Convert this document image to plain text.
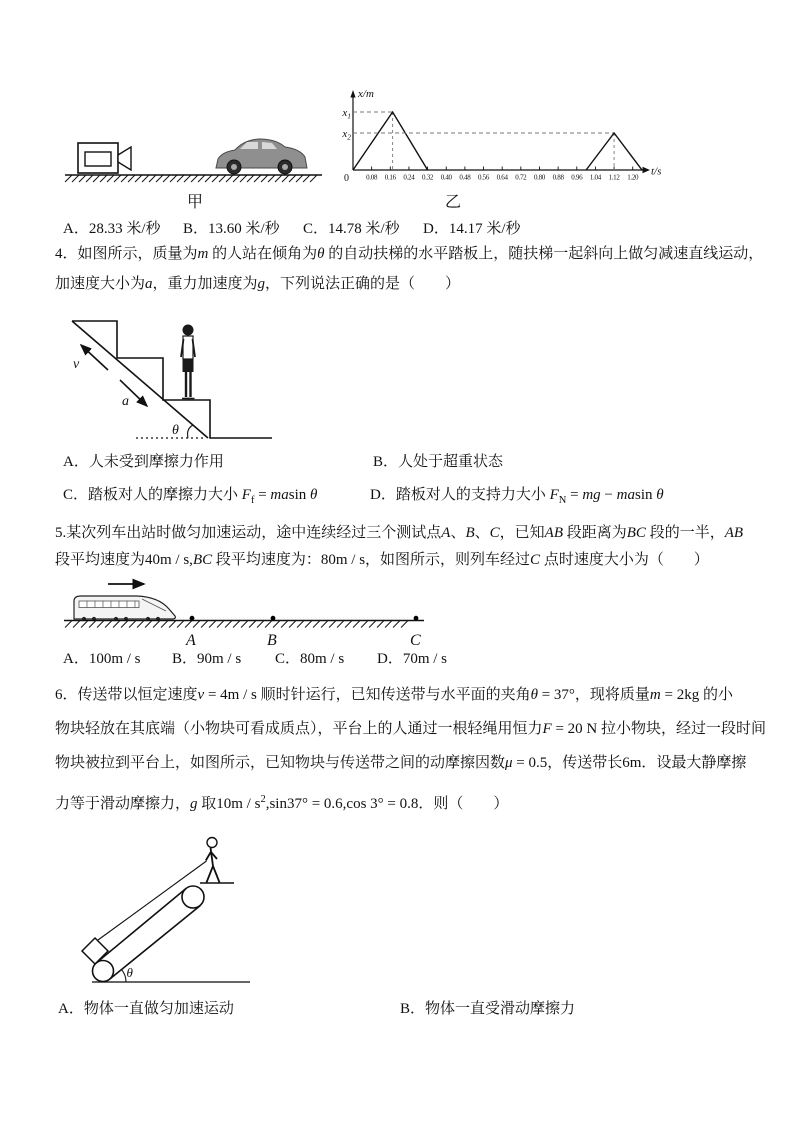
甲
x/m
t/s
0
$x_1$
$x_2$
0.08 0.16 0.24 0.32 0.40 0.48 0.56 0.64 0.72 0.80 0.88 0.96 1.04 1.12 1.20
乙
A．28.33 米/秒 B．13.60 米/秒 C．14.78 米/秒 D．14.17 米/秒
4．如图所示，质量为m 的人站在倾角为θ 的自动扶梯的水平踏板上，随扶梯一起斜向上做匀减速直线运动，
加速度大小为a，重力加速度为g，下列说法正确的是（　　）
θ
v
a
A．人未受到摩擦力作用	B．人处于超重状态
C．踏板对人的摩擦力大小 $F_f = masin$ θ	D．踏板对人的支持力大小 $F_N$ = mg − masin θ
5.某次列车出站时做匀加速运动，途中连续经过三个测试点A、B、C，已知AB 段距离为BC 段的一半，AB
段平均速度为40m / s,BC 段平均速度为：80m / s，如图所示，则列车经过C 点时速度大小为（　　）
A	B	C
A．100m / s B．90m / s C．80m / s D．70m / s
6．传送带以恒定速度v = 4m / s 顺时针运行，已知传送带与水平面的夹角θ = 37°，现将质量m = 2kg 的小
物块轻放在其底端（小物块可看成质点），平台上的人通过一根轻绳用恒力F = 20 N 拉小物块，经过一段时间
物块被拉到平台上，如图所示，已知物块与传送带之间的动摩擦因数μ = 0.5，传送带长6m．设最大静摩擦
力等于滑动摩擦力，g 取$10m / s^2,\sin 37^\circ = 0.6,\cos$ 3° = 0.8．则（　　）
θ
A．物体一直做匀加速运动	B．物体一直受滑动摩擦力
